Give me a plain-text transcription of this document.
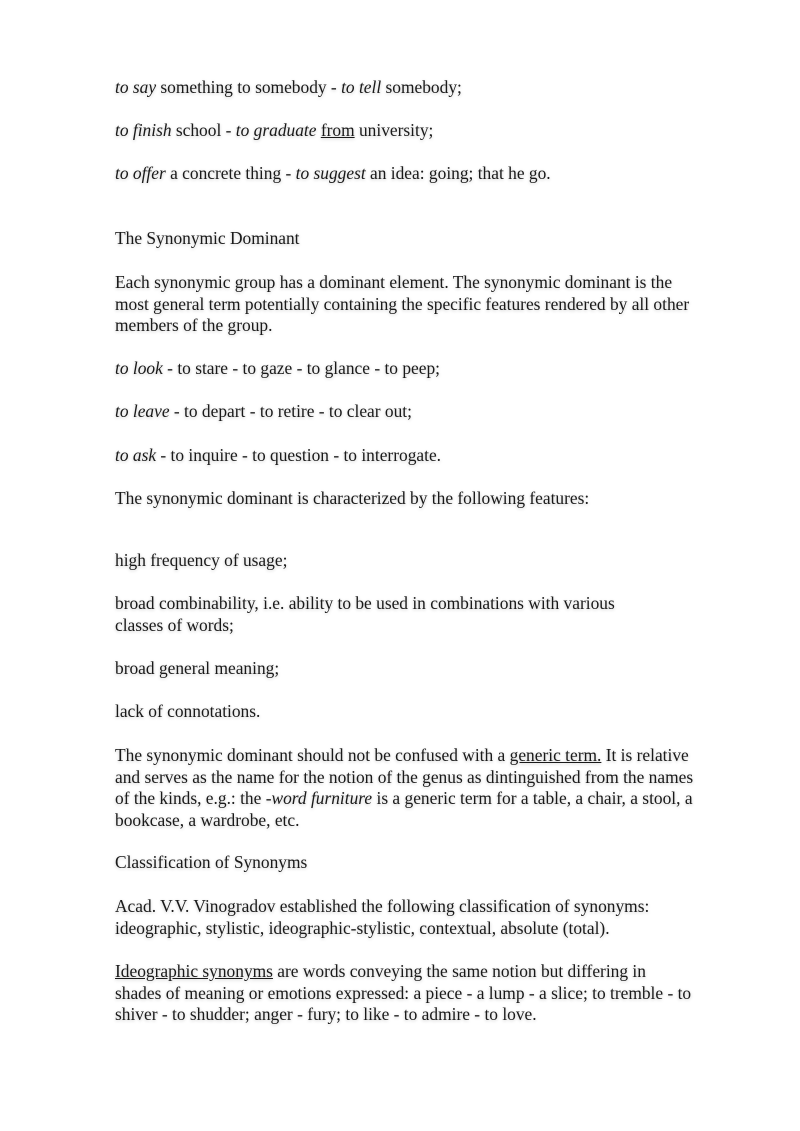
to say something to somebody - to tell somebody;

to finish school - to graduate from university;

to offer a concrete thing - to suggest an idea: going; that he go.

The Synonymic Dominant

Each synonymic group has a dominant element. The synonymic dominant is the
most general term potentially containing the specific features rendered by all other
members of the group.

to look - to stare - to gaze - to glance - to peep;

to leave - to depart - to retire - to clear out;

to ask - to inquire - to question - to interrogate.

The synonymic dominant is characterized by the following features:

high frequency of usage;

broad combinability, i.e. ability to be used in combinations with various
classes of words;

broad general meaning;

lack of connotations.

The synonymic dominant should not be confused with a generic term. It is relative
and serves as the name for the notion of the genus as dintinguished from the names
of the kinds, e.g.: the -word furniture is a generic term for a table, a chair, a stool, a
bookcase, a wardrobe, etc.

Classification of Synonyms

Acad. V.V. Vinogradov established the following classification of synonyms:
ideographic, stylistic, ideographic-stylistic, contextual, absolute (total).

Ideographic synonyms are words conveying the same notion but differing in
shades of meaning or emotions expressed: a piece - a lump - a slice; to tremble - to
shiver - to shudder; anger - fury; to like - to admire - to love.
